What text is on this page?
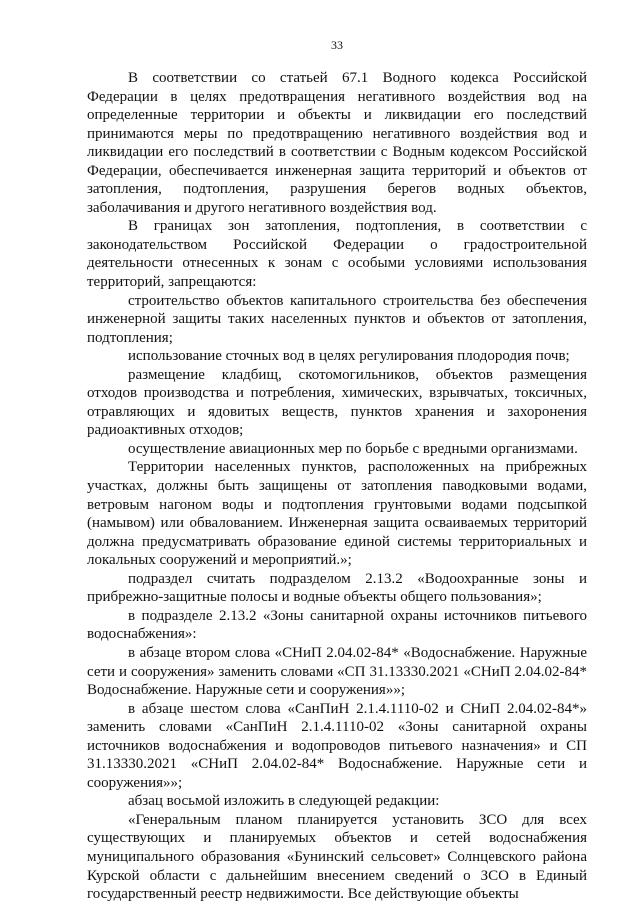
33

В соответствии со статьей 67.1 Водного кодекса Российской Федерации в целях предотвращения негативного воздействия вод на определенные территории и объекты и ликвидации его последствий принимаются меры по предотвращению негативного воздействия вод и ликвидации его последствий в соответствии с Водным кодексом Российской Федерации, обеспечивается инженерная защита территорий и объектов от затопления, подтопления, разрушения берегов водных объектов, заболачивания и другого негативного воздействия вод.

В границах зон затопления, подтопления, в соответствии с законодательством Российской Федерации о градостроительной деятельности отнесенных к зонам с особыми условиями использования территорий, запрещаются:

строительство объектов капитального строительства без обеспечения инженерной защиты таких населенных пунктов и объектов от затопления, подтопления;

использование сточных вод в целях регулирования плодородия почв;

размещение кладбищ, скотомогильников, объектов размещения отходов производства и потребления, химических, взрывчатых, токсичных, отравляющих и ядовитых веществ, пунктов хранения и захоронения радиоактивных отходов;

осуществление авиационных мер по борьбе с вредными организмами.

Территории населенных пунктов, расположенных на прибрежных участках, должны быть защищены от затопления паводковыми водами, ветровым нагоном воды и подтопления грунтовыми водами подсыпкой (намывом) или обвалованием. Инженерная защита осваиваемых территорий должна предусматривать образование единой системы территориальных и локальных сооружений и мероприятий.»;

подраздел считать подразделом 2.13.2 «Водоохранные зоны и прибрежно-защитные полосы и водные объекты общего пользования»;

в подразделе 2.13.2 «Зоны санитарной охраны источников питьевого водоснабжения»:

в абзаце втором слова «СНиП 2.04.02-84* «Водоснабжение. Наружные сети и сооружения» заменить словами «СП 31.13330.2021 «СНиП 2.04.02-84* Водоснабжение. Наружные сети и сооружения»»;

в абзаце шестом слова «СанПиН 2.1.4.1110-02 и СНиП 2.04.02-84*» заменить словами «СанПиН 2.1.4.1110-02 «Зоны санитарной охраны источников водоснабжения и водопроводов питьевого назначения» и СП 31.13330.2021 «СНиП 2.04.02-84* Водоснабжение. Наружные сети и сооружения»»;

абзац восьмой изложить в следующей редакции:

«Генеральным планом планируется установить ЗСО для всех существующих и планируемых объектов и сетей водоснабжения муниципального образования «Бунинский сельсовет» Солнцевского района Курской области с дальнейшим внесением сведений о ЗСО в Единый государственный реестр недвижимости. Все действующие объекты
